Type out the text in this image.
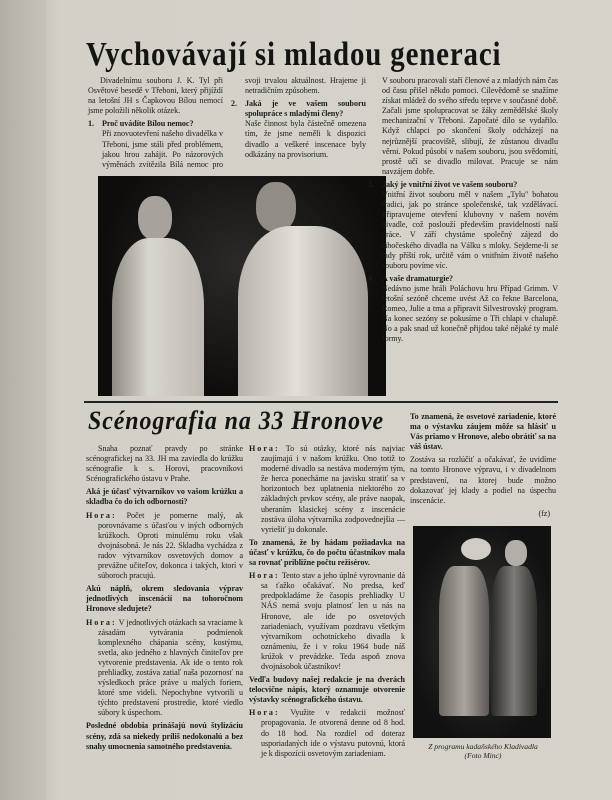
Vychovávají si mladou generaci

Divadelnímu souboru J. K. Tyl při Osvětové besedě v Třeboni, který přijíždí na letošní JH s Čapkovou Bílou nemocí jsme položili několik otázek.

1. Proč uvádíte Bílou nemoc?
Při znovuotevření našeho divadélka v Třeboni, jsme stáli před problémem, jakou hrou zahájit. Po názorových výměnách zvítězila Bílá nemoc pro svoji trvalou aktuálnost. Hrajeme ji netradičním způsobem.
2. Jaká je ve vašem souboru spolupráce s mladými členy?
Naše činnost byla částečně omezena tím, že jsme neměli k dispozici divadlo a veškeré inscenace byly odkázány na provisorium.

V souboru pracovali staří členové a z mladých nám čas od času přišel někdo pomoci. Cílevědomě se snažíme získat mládež do svého středu teprve v současné době. Začali jsme spolupracovat se žáky zemědělské školy mechanizační v Třeboni. Započaté dílo se vydařilo. Když chlapci po skončení školy odcházejí na nejrůznější pracoviště, slibují, že zůstanou divadlu věrni. Pokud působí v našem souboru, jsou svědomití, prostě učí se divadlo milovat. Pracuje se nám navzájem dobře.

3. Jaký je vnitřní život ve vašem souboru?
Vnitřní život souboru měl v našem „Tylu" bohatou tradici, jak po stránce společenské, tak vzdělávací. Připravujeme otevření klubovny v našem novém divadle, což poslouží především pravidelnosti naší práce. V září chystáme společný zájezd do Jihočeského divadla na Válku s mloky. Sejdeme-li se tady příští rok, určitě vám o vnitřním životě našeho souboru povíme víc.
4. A vaše dramaturgie?
Nedávno jsme hráli Poláchovu hru Případ Grimm. V letošní sezóně chceme uvést Až co řekne Barcelona, Romeo, Julie a tma a připravit Silvestrovský program. Na konec sezóny se pokusíme o Tři chlapi v chalupě. No a pak snad už konečně přijdou také nějaké ty malé formy.
Scénografia na 33 Hronove

Snaha poznať pravdy po stránke scénografickej na 33. JH ma zaviedla do krúžku scénografie k s. Horovi, pracovníkovi Scénografického ústavu v Prahe.

Aká je účasť výtvarníkov vo vašom krúžku a skladba čo do ich odbornosti?

Hora: Počet je pomerne malý, ak porovnávame s účasťou v iných odborných krúžkoch. Oproti minulému roku však dvojnásobná. Je nás 22. Skladba vychádza z radov výtvarníkov osvetových domov a prevážne učiteľov, dokonca i takých, ktorí v súboroch pracujú.

Akú náplň, okrem sledovania výprav jednotlivých inscenácií na tohoročnom Hronove sledujete?

Hora: V jednotlivých otázkach sa vraciame k zásadám vytvárania podmienok komplexného chápania scény, kostýmu, svetla, ako jedného z hlavných činiteľov pre vytvorenie predstavenia. Ak ide o tento rok prehliadky, zostáva zatiaľ naša pozornosť na výsledkoch práce práve u malých foriem, ktoré sme videli. Nepochybne vytvorili u týchto predstavení prostredie, ktoré viedlo súbory k úspechom.

Posledné obdobia prinášajú novú štylizáciu scény, zdá sa niekedy príliš nedokonalú a bez snahy umocnenia samotného predstavenia.

Hora: To sú otázky, ktoré nás najviac zaujímajú i v našom krúžku. Ono totiž to moderné divadlo sa nestáva moderným tým, že herca ponecháme na javisku stratiť sa v horizontoch bez uplatnenia niektorého zo základných prvkov scény, ale práve naopak, uberaním klasickej scény z inscenácie zostáva úloha výtvarníka zodpovednejšia — vyriešiť ju dokonale.

To znamená, že by hádam požiadavka na účasť v krúžku, čo do počtu účastníkov mala sa rovnať približne počtu režisérov.

Hora: Tento stav a jeho úplné vyrovnanie dá sa ťažko očakávať. No predsa, keď predpokladáme že časopis prehliadky U NÁS nemá svoju platnosť len u nás na Hronove, ale ide po osvetových zariadeniach, využívam pozdravu všetkým výtvarníkom ochotníckeho divadla k oznámeniu, že i v roku 1964 bude náš krúžok v prevádzke. Teda aspoň znova dvojnásobok účastníkov!

Vedľa budovy našej redakcie je na dverách telocvične nápis, ktorý oznamuje otvorenie výstavky scénografického ústavu.

Hora: Využite v redakcii možnosť propagovania. Je otvorená denne od 8 hod. do 18 hod. Na rozdiel od doteraz usporiadaných ide o výstavu putovnú, ktorá je k dispozícii osvetovým zariadeniam.

To znamená, že osvetové zariadenie, ktoré ma o výstavku záujem môže sa hlásiť u Vás priamo v Hronove, alebo obrátiť sa na váš ústav.

Zostáva sa rozlúčiť a očakávať, že uvidíme na tomto Hronove výpravu, i v divadelnom predstavení, na ktorej bude možno dokazovať jej klady a podiel na úspechu inscenácie.

(fz)

Z programu kadaňského Kladivadla
(Foto Minc)
